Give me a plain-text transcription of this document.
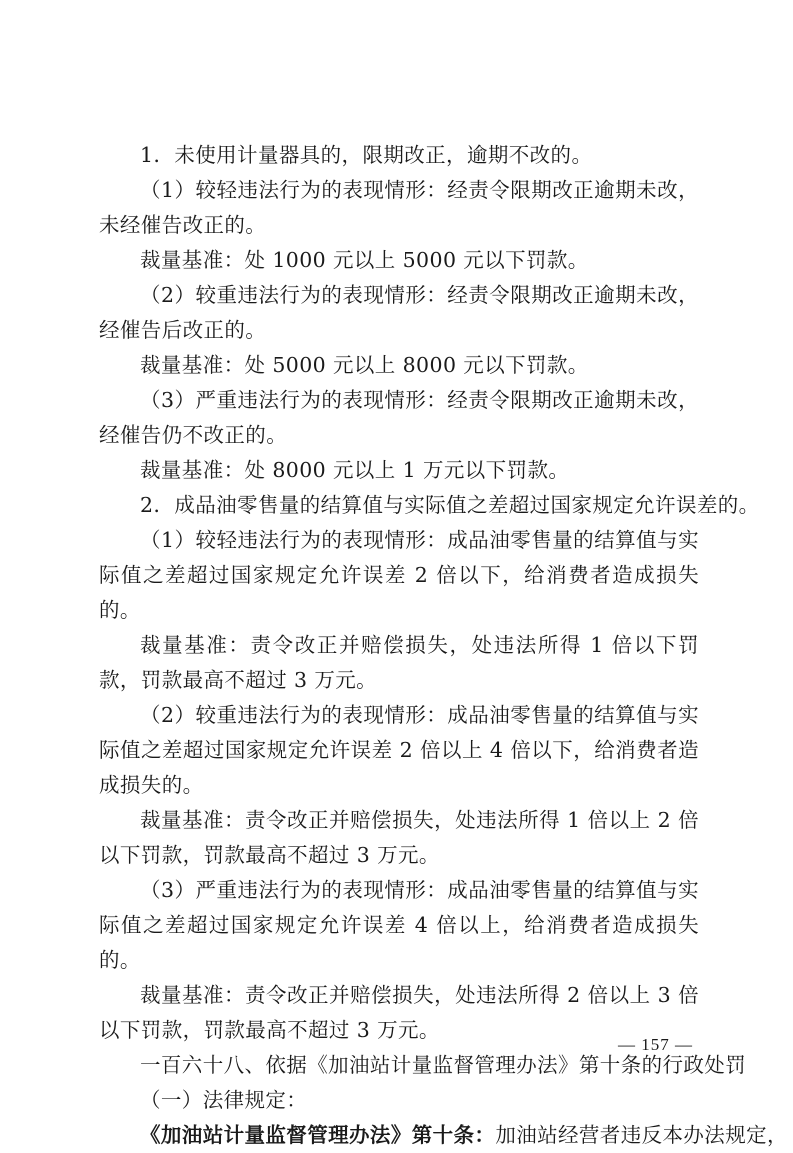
1．未使用计量器具的，限期改正，逾期不改的。

（1）较轻违法行为的表现情形：经责令限期改正逾期未改，未经催告改正的。

裁量基准：处 1000 元以上 5000 元以下罚款。

（2）较重违法行为的表现情形：经责令限期改正逾期未改，经催告后改正的。

裁量基准：处 5000 元以上 8000 元以下罚款。

（3）严重违法行为的表现情形：经责令限期改正逾期未改，经催告仍不改正的。

裁量基准：处 8000 元以上 1 万元以下罚款。

2．成品油零售量的结算值与实际值之差超过国家规定允许误差的。

（1）较轻违法行为的表现情形：成品油零售量的结算值与实际值之差超过国家规定允许误差 2 倍以下，给消费者造成损失的。

裁量基准：责令改正并赔偿损失，处违法所得 1 倍以下罚款，罚款最高不超过 3 万元。

（2）较重违法行为的表现情形：成品油零售量的结算值与实际值之差超过国家规定允许误差 2 倍以上 4 倍以下，给消费者造成损失的。

裁量基准：责令改正并赔偿损失，处违法所得 1 倍以上 2 倍以下罚款，罚款最高不超过 3 万元。

（3）严重违法行为的表现情形：成品油零售量的结算值与实际值之差超过国家规定允许误差 4 倍以上，给消费者造成损失的。

裁量基准：责令改正并赔偿损失，处违法所得 2 倍以上 3 倍以下罚款，罚款最高不超过 3 万元。

一百六十八、依据《加油站计量监督管理办法》第十条的行政处罚

（一）法律规定：

《加油站计量监督管理办法》第十条：加油站经营者违反本办法规定，

— 157 —
